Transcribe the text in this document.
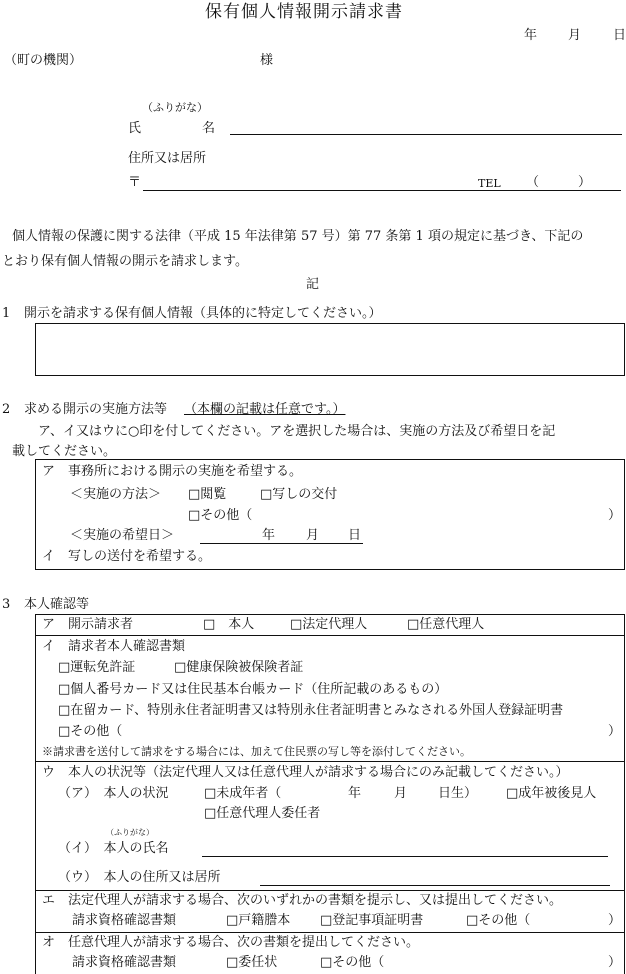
保有個人情報開示請求書
年 月 日
（町の機関）	様
（ふりがな）
氏	名
住所又は居所
〒	TEL （　　　）
個人情報の保護に関する法律（平成 15 年法律第 57 号）第 77 条第 1 項の規定に基づき、下記の
とおり保有個人情報の開示を請求します。
記
1 開示を請求する保有個人情報（具体的に特定してください。）
2 求める開示の実施方法等 （本欄の記載は任意です。）
ア、イ又はウに○印を付してください。アを選択した場合は、実施の方法及び希望日を記
載してください。
ア　事務所における開示の実施を希望する。
＜実施の方法＞ □閲覧	□写しの交付
□その他（	）
＜実施の希望日＞	年 月 日
イ　写しの送付を希望する。
3 本人確認等
ア　開示請求者	□　本人	□法定代理人	□任意代理人
イ　請求者本人確認書類
□運転免許証	□健康保険被保険者証
□個人番号カード又は住民基本台帳カード（住所記載のあるもの）
□在留カード、特別永住者証明書又は特別永住者証明書とみなされる外国人登録証明書
□その他（	）
※請求書を送付して請求をする場合には、加えて住民票の写し等を添付してください。
ウ　本人の状況等（法定代理人又は任意代理人が請求する場合にのみ記載してください。）
（ア）　本人の状況	□未成年者（	年	月 日生） □成年被後見人
□任意代理人委任者
（ふりがな）
（イ）　本人の氏名
（ウ）　本人の住所又は居所
エ　法定代理人が請求する場合、次のいずれかの書類を提示し、又は提出してください。
請求資格確認書類	□戸籍謄本 □登記事項証明書	□その他（	）
オ　任意代理人が請求する場合、次の書類を提出してください。
請求資格確認書類	□委任状	□その他（	）
